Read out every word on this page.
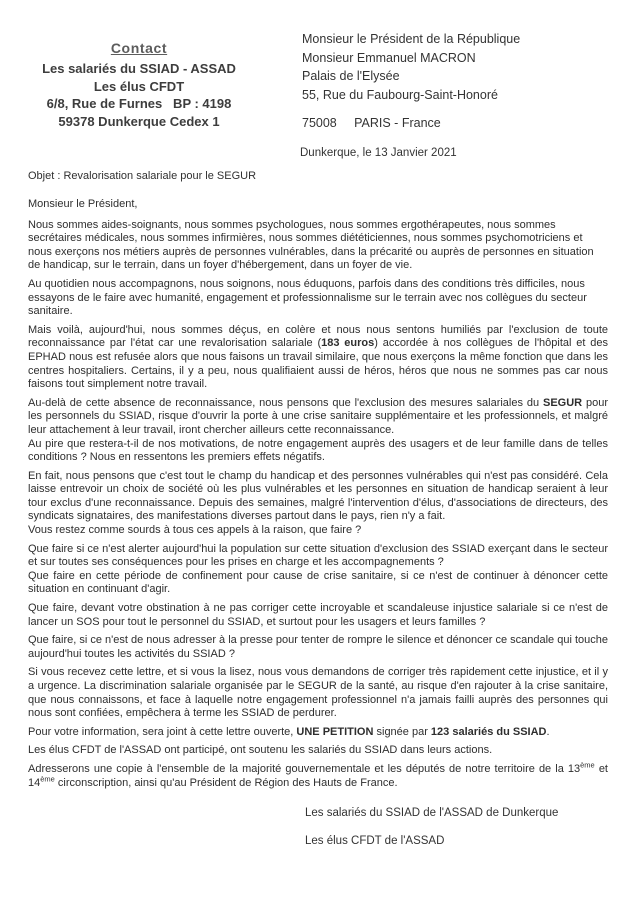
Contact
Les salariés du SSIAD - ASSAD
Les élus CFDT
6/8, Rue de Furnes   BP : 4198
59378 Dunkerque Cedex 1
Monsieur le Président de la République
Monsieur Emmanuel MACRON
Palais de l'Elysée
55, Rue du Faubourg-Saint-Honoré
75008     PARIS - France
Dunkerque, le 13 Janvier 2021
Objet : Revalorisation salariale pour le SEGUR

Monsieur le Président,

Nous sommes aides-soignants, nous sommes psychologues, nous sommes ergothérapeutes, nous sommes secrétaires médicales, nous sommes infirmières, nous sommes diététiciennes, nous sommes psychomotriciens et nous exerçons nos métiers auprès de personnes vulnérables, dans la précarité ou auprès de personnes en situation de handicap, sur le terrain, dans un foyer d'hébergement, dans un foyer de vie.

Au quotidien nous accompagnons, nous soignons, nous éduquons, parfois dans des conditions très difficiles, nous essayons de le faire avec humanité, engagement et professionnalisme sur le terrain avec nos collègues du secteur sanitaire.

Mais voilà, aujourd'hui, nous sommes déçus, en colère et nous nous sentons humiliés par l'exclusion de toute reconnaissance par l'état car une revalorisation salariale (183 euros) accordée à nos collègues de l'hôpital et des EPHAD nous est refusée alors que nous faisons un travail similaire, que nous exerçons la même fonction que dans les centres hospitaliers. Certains, il y a peu, nous qualifiaient aussi de héros, héros que nous ne sommes pas car nous faisons tout simplement notre travail.

Au-delà de cette absence de reconnaissance, nous pensons que l'exclusion des mesures salariales du SEGUR pour les personnels du SSIAD, risque d'ouvrir la porte à une crise sanitaire supplémentaire et les professionnels, et malgré leur attachement à leur travail, iront chercher ailleurs cette reconnaissance.
Au pire que restera-t-il de nos motivations, de notre engagement auprès des usagers et de leur famille dans de telles conditions ? Nous en ressentons les premiers effets négatifs.

En fait, nous pensons que c'est tout le champ du handicap et des personnes vulnérables qui n'est pas considéré. Cela laisse entrevoir un choix de société où les plus vulnérables et les personnes en situation de handicap seraient à leur tour exclus d'une reconnaissance. Depuis des semaines, malgré l'intervention d'élus, d'associations de directeurs, des syndicats signataires, des manifestations diverses partout dans le pays, rien n'y a fait.
Vous restez comme sourds à tous ces appels à la raison, que faire ?

Que faire si ce n'est alerter aujourd'hui la population sur cette situation d'exclusion des SSIAD exerçant dans le secteur et sur toutes ses conséquences pour les prises en charge et les accompagnements ?
Que faire en cette période de confinement pour cause de crise sanitaire, si ce n'est de continuer à dénoncer cette situation en continuant d'agir.

Que faire, devant votre obstination à ne pas corriger cette incroyable et scandaleuse injustice salariale si ce n'est de lancer un SOS pour tout le personnel du SSIAD, et surtout pour les usagers et leurs familles ?

Que faire, si ce n'est de nous adresser à la presse pour tenter de rompre le silence et dénoncer ce scandale qui touche aujourd'hui toutes les activités du SSIAD ?

Si vous recevez cette lettre, et si vous la lisez, nous vous demandons de corriger très rapidement cette injustice, et il y a urgence. La discrimination salariale organisée par le SEGUR de la santé, au risque d'en rajouter à la crise sanitaire, que nous connaissons, et face à laquelle notre engagement professionnel n'a jamais failli auprès des personnes qui nous sont confiées, empêchera à terme les SSIAD de perdurer.

Pour votre information, sera joint à cette lettre ouverte, UNE PETITION signée par 123 salariés du SSIAD.

Les élus CFDT de l'ASSAD ont participé, ont soutenu les salariés du SSIAD dans leurs actions.

Adresserons une copie à l'ensemble de la majorité gouvernementale et les députés de notre territoire de la 13ème et 14ème circonscription, ainsi qu'au Président de Région des Hauts de France.

Les salariés du SSIAD de l'ASSAD de Dunkerque
Les élus CFDT de l'ASSAD
